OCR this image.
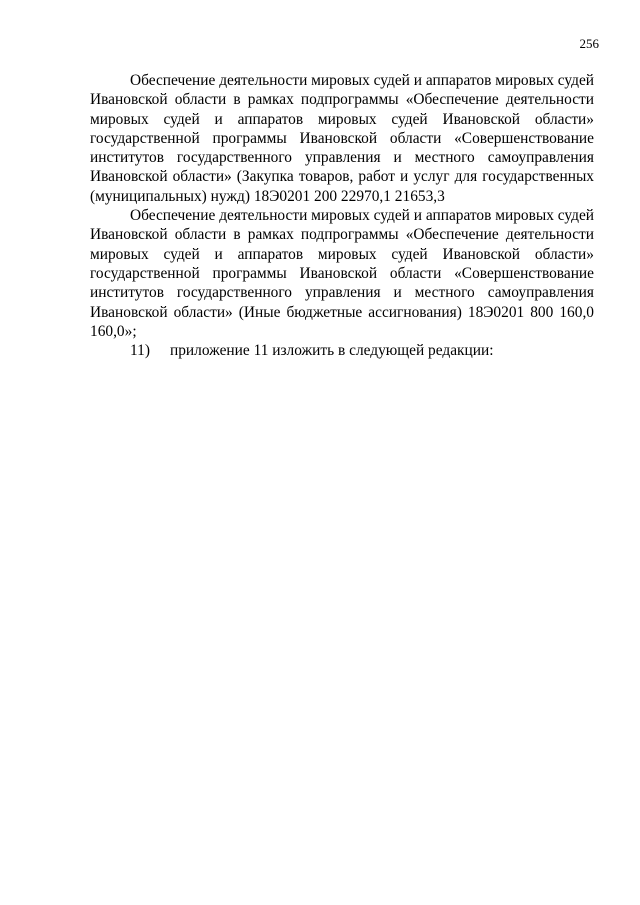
256

Обеспечение деятельности мировых судей и аппаратов мировых судей Ивановской области в рамках подпрограммы «Обеспечение деятельности мировых судей и аппаратов мировых судей Ивановской области» государственной программы Ивановской области «Совершенствование институтов государственного управления и местного самоуправления Ивановской области» (Закупка товаров, работ и услуг для государственных (муниципальных) нужд) 18Э0201 200 22970,1 21653,3

Обеспечение деятельности мировых судей и аппаратов мировых судей Ивановской области в рамках подпрограммы «Обеспечение деятельности мировых судей и аппаратов мировых судей Ивановской области» государственной программы Ивановской области «Совершенствование институтов государственного управления и местного самоуправления Ивановской области» (Иные бюджетные ассигнования) 18Э0201 800 160,0 160,0»;

11) приложение 11 изложить в следующей редакции:
